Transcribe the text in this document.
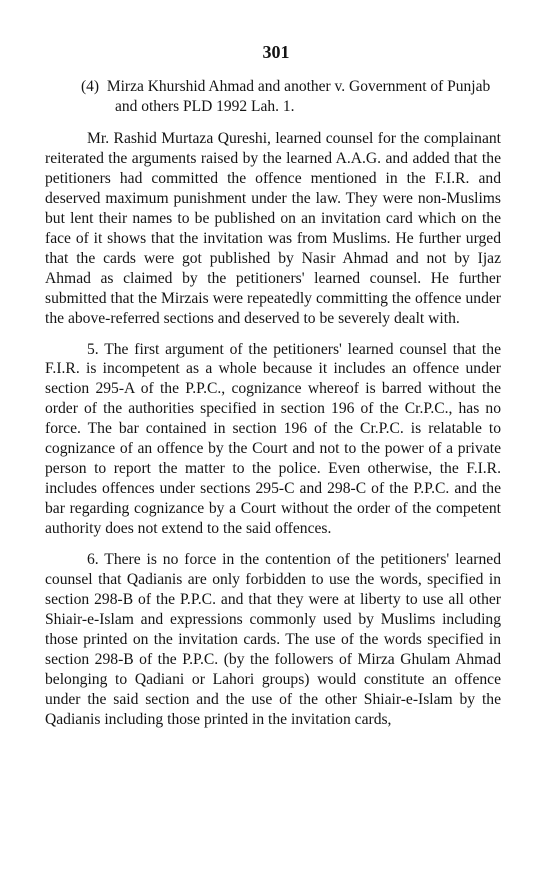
301

(4) Mirza Khurshid Ahmad and another v. Government of Punjab and others PLD 1992 Lah. 1.

Mr. Rashid Murtaza Qureshi, learned counsel for the complainant reiterated the arguments raised by the learned A.A.G. and added that the petitioners had committed the offence mentioned in the F.I.R. and deserved maximum punishment under the law. They were non-Muslims but lent their names to be published on an invitation card which on the face of it shows that the invitation was from Muslims. He further urged that the cards were got published by Nasir Ahmad and not by Ijaz Ahmad as claimed by the petitioners' learned counsel. He further submitted that the Mirzais were repeatedly committing the offence under the above-referred sections and deserved to be severely dealt with.

5. The first argument of the petitioners' learned counsel that the F.I.R. is incompetent as a whole because it includes an offence under section 295-A of the P.P.C., cognizance whereof is barred without the order of the authorities specified in section 196 of the Cr.P.C., has no force. The bar contained in section 196 of the Cr.P.C. is relatable to cognizance of an offence by the Court and not to the power of a private person to report the matter to the police. Even otherwise, the F.I.R. includes offences under sections 295-C and 298-C of the P.P.C. and the bar regarding cognizance by a Court without the order of the competent authority does not extend to the said offences.

6. There is no force in the contention of the petitioners' learned counsel that Qadianis are only forbidden to use the words, specified in section 298-B of the P.P.C. and that they were at liberty to use all other Shiair-e-Islam and expressions commonly used by Muslims including those printed on the invitation cards. The use of the words specified in section 298-B of the P.P.C. (by the followers of Mirza Ghulam Ahmad belonging to Qadiani or Lahori groups) would constitute an offence under the said section and the use of the other Shiair-e-Islam by the Qadianis including those printed in the invitation cards,
